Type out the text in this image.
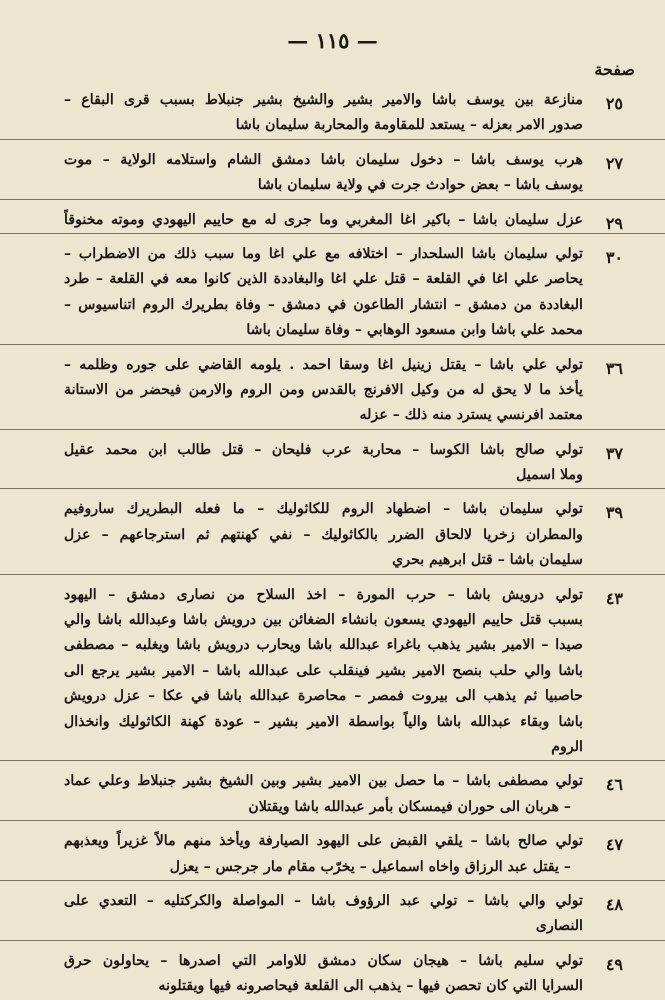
— ١١٥ —
صفحة
٢٥
منازعة بين يوسف باشا والامير بشير والشيخ بشير جنبلاط بسبب قرى البقاع –
صدور الامر بعزله – يستعد للمقاومة والمحاربة سليمان باشا
٢٧
هرب يوسف باشا – دخول سليمان باشا دمشق الشام واستلامه الولاية – موت
يوسف باشا – بعض حوادث جرت في ولاية سليمان باشا
٢٩
عزل سليمان باشا – باكير اغا المغربي وما جرى له مع حاييم اليهودي وموته مخنوقاً
٣٠
تولي سليمان باشا السلحدار – اختلافه مع علي اغا وما سبب ذلك من الاضطراب –
يحاصر علي اغا في القلعة – قتل علي اغا والبغاددة الذين كانوا معه في القلعة – طرد
البغاددة من دمشق – انتشار الطاعون في دمشق – وفاة بطريرك الروم اتناسيوس –
محمد علي باشا وابن مسعود الوهابي – وفاة سليمان باشا
٣٦
تولي علي باشا – يقتل زينيل اغا وسقا احمد . يلومه القاضي على جوره وظلمه –
يأخذ ما لا يحق له من وكيل الافرنج بالقدس ومن الروم والارمن فيحضر من الاستانة
معتمد افرنسي يسترد منه ذلك – عزله
٣٧
تولي صالح باشا الكوسا – محاربة عرب فليحان – قتل طالب ابن محمد عقيل
وملا اسميل
٣٩
تولي سليمان باشا – اضطهاد الروم للكاثوليك – ما فعله البطريرك ساروفيم
والمطران زخريا لالحاق الضرر بالكاثوليك – نفي كهنتهم ثم استرجاعهم – عزل
سليمان باشا – قتل ابرهيم بحري
٤٣
تولي درويش باشا – حرب المورة – اخذ السلاح من نصارى دمشق – اليهود
بسبب قتل حاييم اليهودي يسعون بانشاء الضغائن بين درويش باشا وعبدالله باشا والي
صيدا – الامير بشير يذهب باغراء عبدالله باشا ويحارب درويش باشا ويغلبه – مصطفى
باشا والي حلب بنصح الامير بشير فينقلب على عبدالله باشا – الامير بشير يرجع الى
حاصبيا ثم يذهب الى بيروت فمصر – محاصرة عبدالله باشا في عكا – عزل درويش
باشا وبقاء عبدالله باشا والياً بواسطة الامير بشير – عودة كهنة الكاثوليك وانخذال
الروم
٤٦
تولي مصطفى باشا – ما حصل بين الامير بشير وبين الشيخ بشير جنبلاط وعلي عماد
– هربان الى حوران فيمسكان بأمر عبدالله باشا ويقتلان
٤٧
تولي صالح باشا – يلقي القبض على اليهود الصيارفة ويأخذ منهم مالاً غزيراً ويعذبهم
– يقتل عبد الرزاق واخاه اسماعيل – يخرّب مقام مار جرجس – يعزل
٤٨
تولي والي باشا – تولي عبد الرؤوف باشا – المواصلة والكركتليه – التعدي على
النصارى
٤٩
تولي سليم باشا – هيجان سكان دمشق للاوامر التي اصدرها – يحاولون حرق
السرايا التي كان تحصن فيها – يذهب الى القلعة فيحاصرونه فيها ويقتلونه
